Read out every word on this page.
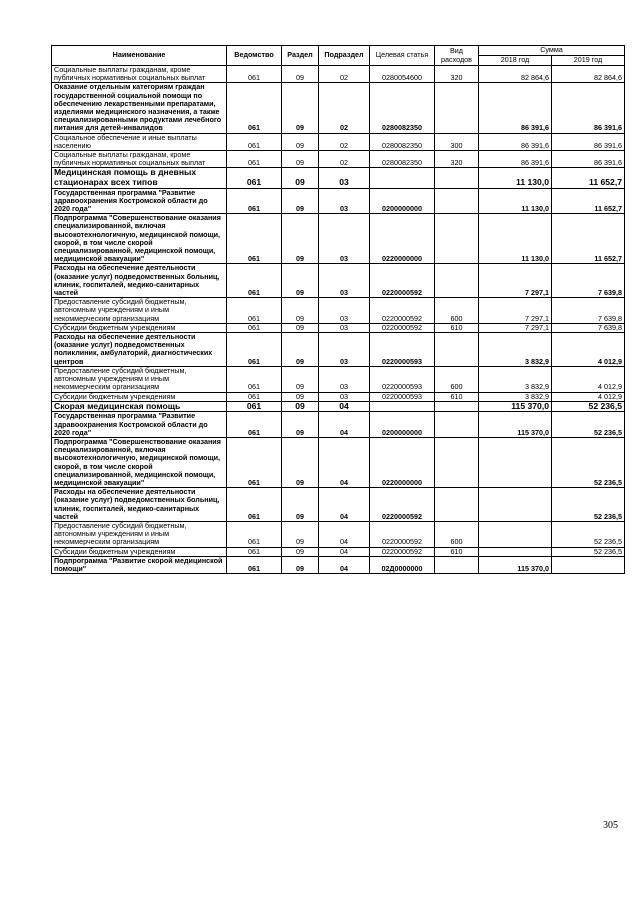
Наименование	Ведомство	Раздел	Подраздел	Целевая статья	Вид расходов	Сумма	
						2018 год	2019 год
Социальные выплаты гражданам, кроме публичных нормативных социальных выплат	061	09	02	0280054600	320	82 864,6	82 864,6
Оказание отдельным категориям граждан государственной социальной помощи по обеспечению лекарственными препаратами, изделиями медицинского назначения, а также специализированными продуктами лечебного питания для детей-инвалидов	061	09	02	0280082350		86 391,6	86 391,6
Социальное обеспечение и иные выплаты населению	061	09	02	0280082350	300	86 391,6	86 391,6
Социальные выплаты гражданам, кроме публичных нормативных социальных выплат	061	09	02	0280082350	320	86 391,6	86 391,6
Медицинская помощь в дневных стационарах всех типов	061	09	03			11 130,0	11 652,7
Государственная программа "Развитие здравоохранения Костромской области до 2020 года"	061	09	03	0200000000		11 130,0	11 652,7
Подпрограмма "Совершенствование оказания специализированной, включая высокотехнологичную, медицинской помощи, скорой, в том числе скорой специализированной, медицинской помощи, медицинской эвакуации"	061	09	03	0220000000		11 130,0	11 652,7
Расходы на обеспечение деятельности (оказание услуг) подведомственных больниц, клиник, госпиталей, медико-санитарных частей	061	09	03	0220000592		7 297,1	7 639,8
Предоставление субсидий бюджетным, автономным учреждениям и иным некоммерческим организациям	061	09	03	0220000592	600	7 297,1	7 639,8
Субсидии бюджетным учреждениям	061	09	03	0220000592	610	7 297,1	7 639,8
Расходы на обеспечение деятельности (оказание услуг) подведомственных поликлиник, амбулаторий, диагностических центров	061	09	03	0220000593		3 832,9	4 012,9
Предоставление субсидий бюджетным, автономным учреждениям и иным некоммерческим организациям	061	09	03	0220000593	600	3 832,9	4 012,9
Субсидии бюджетным учреждениям	061	09	03	0220000593	610	3 832,9	4 012,9
Скорая медицинская помощь	061	09	04			115 370,0	52 236,5
Государственная программа "Развитие здравоохранения Костромской области до 2020 года"	061	09	04	0200000000		115 370,0	52 236,5
Подпрограмма "Совершенствование оказания специализированной, включая высокотехнологичную, медицинской помощи, скорой, в том числе скорой специализированной, медицинской помощи, медицинской эвакуации"	061	09	04	0220000000			52 236,5
Расходы на обеспечение деятельности (оказание услуг) подведомственных больниц, клиник, госпиталей, медико-санитарных частей	061	09	04	0220000592			52 236,5
Предоставление субсидий бюджетным, автономным учреждениям и иным некоммерческим организациям	061	09	04	0220000592	600		52 236,5
Субсидии бюджетным учреждениям	061	09	04	0220000592	610		52 236,5
Подпрограмма "Развитие скорой медицинской помощи"	061	09	04	02Д0000000		115 370,0	
305
